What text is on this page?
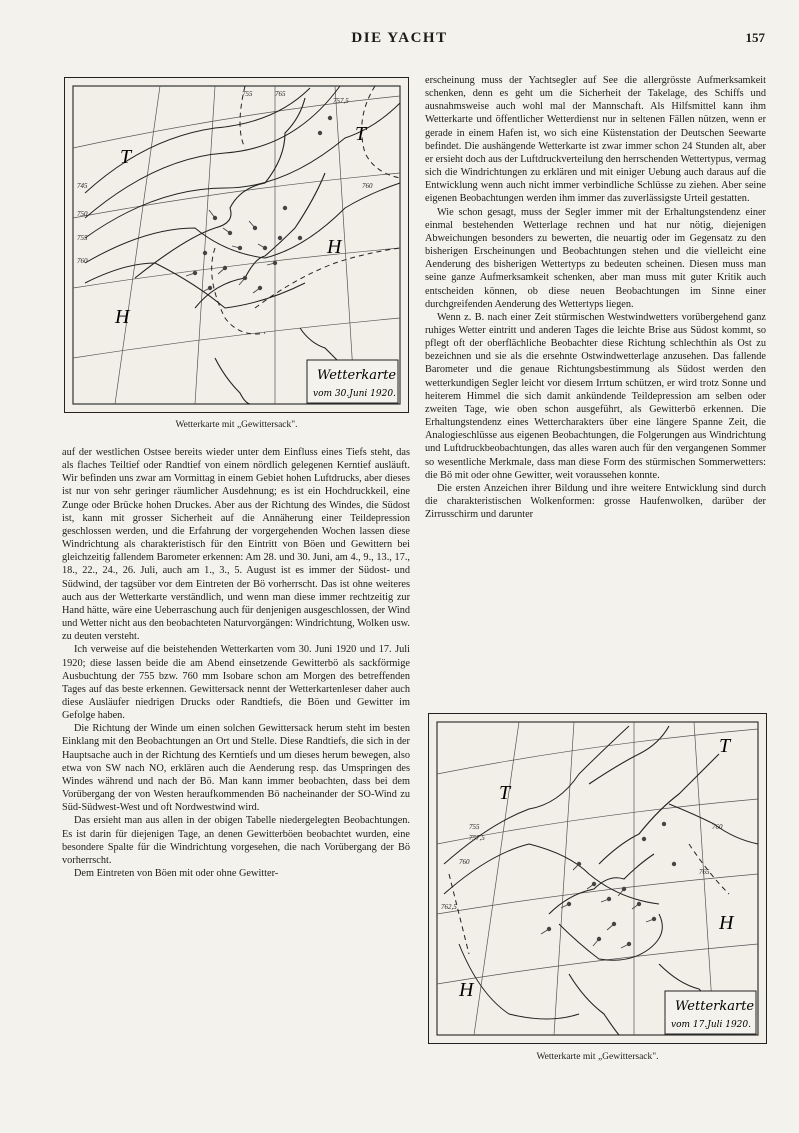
DIE YACHT	157
T
T
H
H
745
750
755
760
760
755
757,5
765
Wetterkarte
vom 30.Juni 1920.
Wetterkarte mit „Gewittersack".

auf der westlichen Ostsee bereits wieder unter dem Einfluss eines Tiefs steht, das als flaches Teiltief oder Randtief von einem nördlich gelegenen Kerntief ausläuft. Wir befinden uns zwar am Vormittag in einem Gebiet hohen Luftdrucks, aber dieses ist nur von sehr geringer räumlicher Ausdehnung; es ist ein Hochdruckkeil, eine Zunge oder Brücke hohen Druckes. Aber aus der Richtung des Windes, die Südost ist, kann mit grosser Sicherheit auf die Annäherung einer Teildepression geschlossen werden, und die Erfahrung der vorgergehenden Wochen lassen diese Windrichtung als charakteristisch für den Eintritt von Böen und Gewittern bei gleichzeitig fallendem Barometer erkennen: Am 28. und 30. Juni, am 4., 9., 13., 17., 18., 22., 24., 26. Juli, auch am 1., 3., 5. August ist es immer der Südost- und Südwind, der tagsüber vor dem Eintreten der Bö vorherrscht. Das ist ohne weiteres auch aus der Wetterkarte verständlich, und wenn man diese immer rechtzeitig zur Hand hätte, wäre eine Ueberraschung auch für denjenigen ausgeschlossen, der Wind und Wetter nicht aus den beobachteten Naturvorgängen: Windrichtung, Wolken usw. zu deuten versteht.

Ich verweise auf die beistehenden Wetterkarten vom 30. Juni 1920 und 17. Juli 1920; diese lassen beide die am Abend einsetzende Gewitterbö als sackförmige Ausbuchtung der 755 bzw. 760 mm Isobare schon am Morgen des betreffenden Tages auf das beste erkennen. Gewittersack nennt der Wetterkartenleser daher auch diese Ausläufer niedrigen Drucks oder Randtiefs, die Böen und Gewitter im Gefolge haben.

Die Richtung der Winde um einen solchen Gewittersack herum steht im besten Einklang mit den Beobachtungen an Ort und Stelle. Diese Randtiefs, die sich in der Hauptsache auch in der Richtung des Kerntiefs und um dieses herum bewegen, also etwa von SW nach NO, erklären auch die Aenderung resp. das Umspringen des Windes während und nach der Bö. Man kann immer beobachten, dass bei dem Vorübergang der von Westen heraufkommenden Bö nacheinander der SO-Wind zu Süd-Südwest-West und oft Nordwestwind wird.

Das ersieht man aus allen in der obigen Tabelle niedergelegten Beobachtungen. Es ist darin für diejenigen Tage, an denen Gewitterböen beobachtet wurden, eine besondere Spalte für die Windrichtung vorgesehen, die nach Vorübergang der Bö vorherrscht.

Dem Eintreten von Böen mit oder ohne Gewitter-

erscheinung muss der Yachtsegler auf See die allergrösste Aufmerksamkeit schenken, denn es geht um die Sicherheit der Takelage, des Schiffs und ausnahmsweise auch wohl mal der Mannschaft. Als Hilfsmittel kann ihm Wetterkarte und öffentlicher Wetterdienst nur in seltenen Fällen nützen, wenn er gerade in einem Hafen ist, wo sich eine Küstenstation der Deutschen Seewarte befindet. Die aushängende Wetterkarte ist zwar immer schon 24 Stunden alt, aber er ersieht doch aus der Luftdruckverteilung den herrschenden Wettertypus, vermag sich die Windrichtungen zu erklären und mit einiger Uebung auch daraus auf die Entwicklung wenn auch nicht immer verbindliche Schlüsse zu ziehen. Aber seine eigenen Beobachtungen werden ihm immer das zuverlässigste Urteil gestatten.

Wie schon gesagt, muss der Segler immer mit der Erhaltungstendenz einer einmal bestehenden Wetterlage rechnen und hat nur nötig, diejenigen Abweichungen besonders zu bewerten, die neuartig oder im Gegensatz zu den bisherigen Erscheinungen und Beobachtungen stehen und die vielleicht eine Aenderung des bisherigen Wettertyps zu bedeuten scheinen. Diesen muss man seine ganze Aufmerksamkeit schenken, aber man muss mit guter Kritik auch entscheiden können, ob diese neuen Beobachtungen im Sinne einer durchgreifenden Aenderung des Wettertyps liegen.

Wenn z. B. nach einer Zeit stürmischen Westwindwetters vorübergehend ganz ruhiges Wetter eintritt und anderen Tages die leichte Brise aus Südost kommt, so pflegt oft der oberflächliche Beobachter diese Richtung schlechthin als Ost zu bezeichnen und sie als die ersehnte Ostwindwetterlage anzusehen. Das fallende Barometer und die genaue Richtungsbestimmung als Südost werden den wetterkundigen Segler leicht vor diesem Irrtum schützen, er wird trotz Sonne und heiterem Himmel die sich damit ankündende Teildepression am selben oder zweiten Tage, wie oben schon ausgeführt, als Gewitterbö erkennen. Die Erhaltungstendenz eines Wettercharakters über eine längere Spanne Zeit, die Analogieschlüsse aus eigenen Beobachtungen, die Folgerungen aus Windrichtung und Luftdruckbeobachtungen, das alles waren auch für den vergangenen Sommer so wesentliche Merkmale, dass man diese Form des stürmischen Sommerwetters: die Bö mit oder ohne Gewitter, weit voraussehen konnte.

Die ersten Anzeichen ihrer Bildung und ihre weitere Entwicklung sind durch die charakteristischen Wolkenformen: grosse Haufenwolken, darüber der Zirrusschirm und darunter

T
T
H
H
755
757,5
760
760
765
762,5
Wetterkarte
vom 17.Juli 1920.
Wetterkarte mit „Gewittersack".
